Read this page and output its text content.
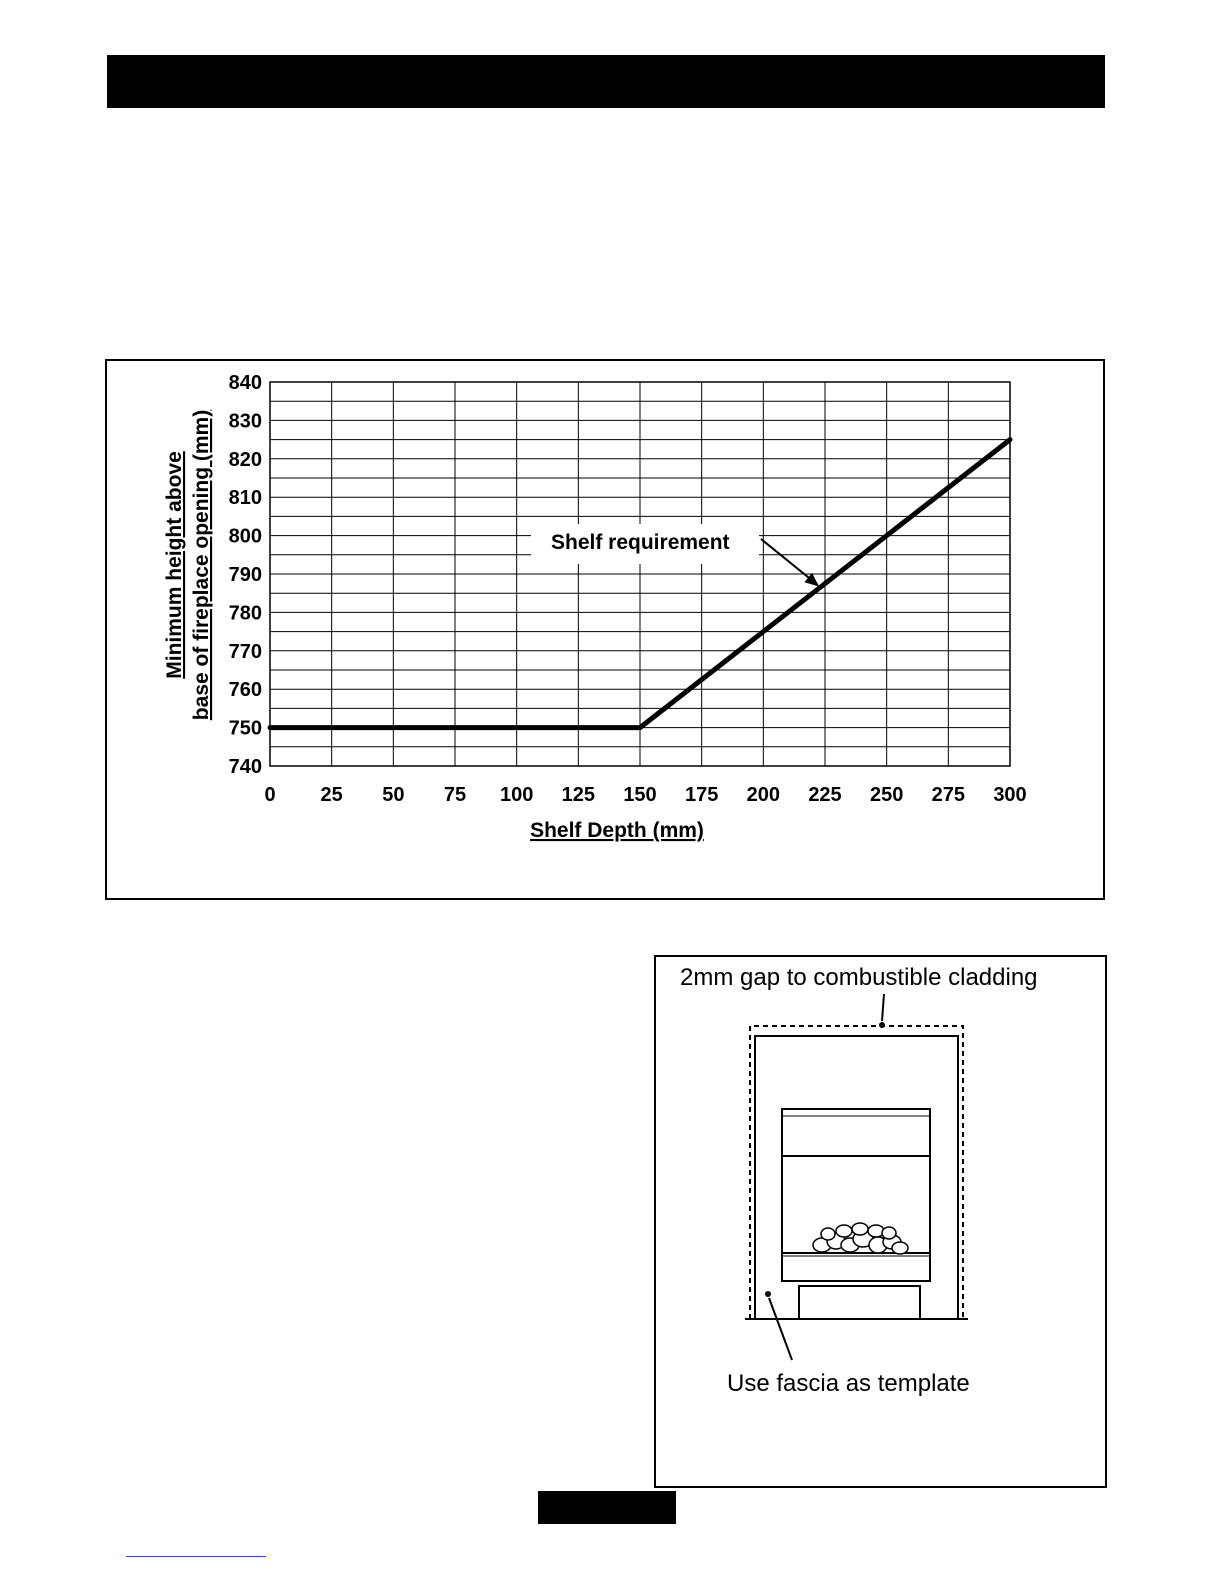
740
750
760
770
780
790
800
810
820
830
840
0 25 50 75 100 125 150 175 200 225 250 275 300
Minimum height above base of fireplace opening (mm)
Shelf Depth (mm)
Shelf requirement
2mm gap to combustible cladding
Use fascia as template
